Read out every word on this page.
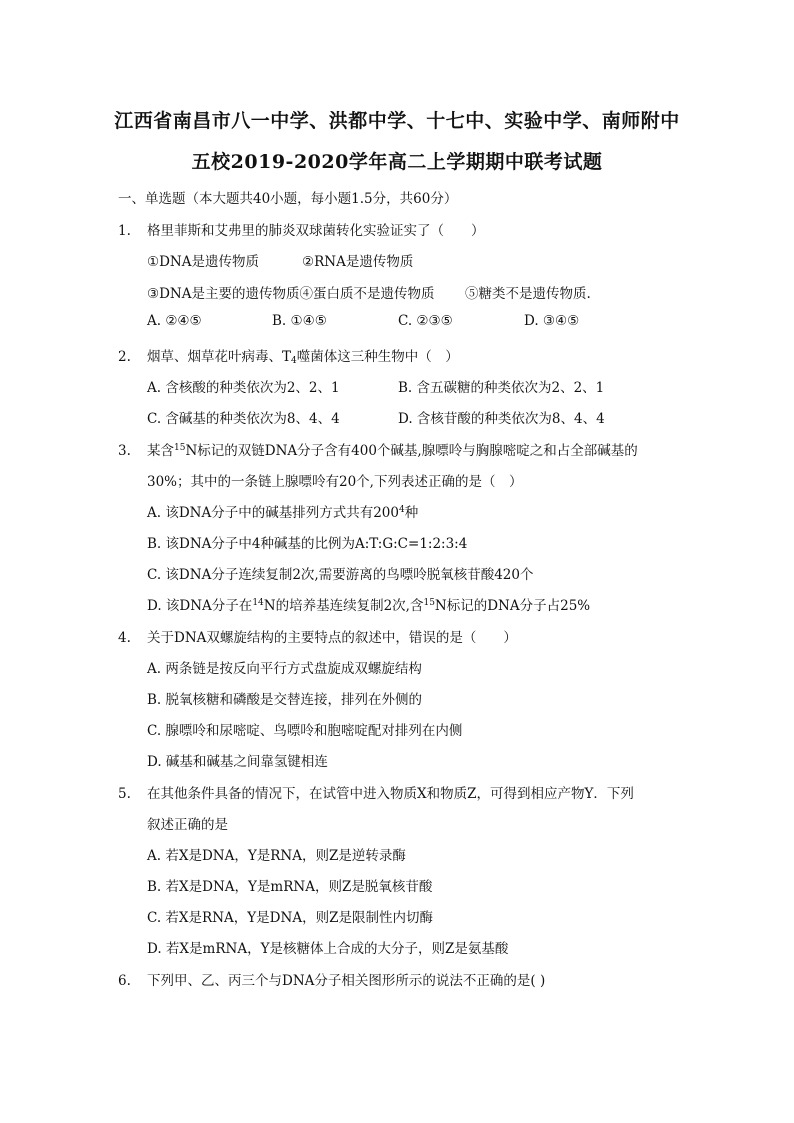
江西省南昌市八一中学、洪都中学、十七中、实验中学、南师附中
五校2019-2020学年高二上学期期中联考试题
一、单选题（本大题共40小题，每小题1.5分，共60分）
1. 格里菲斯和艾弗里的肺炎双球菌转化实验证实了（　　）
①DNA是遗传物质	②RNA是遗传物质
③DNA是主要的遗传物质④蛋白质不是遗传物质 ⑤糖类不是遗传物质.
A. ②④⑤	B. ①④⑤	C. ②③⑤	D. ③④⑤
2. 烟草、烟草花叶病毒、$T_4$噬菌体这三种生物中（　）
A. 含核酸的种类依次为2、2、1	B. 含五碳糖的种类依次为2、2、1
C. 含碱基的种类依次为8、4、4	D. 含核苷酸的种类依次为8、4、4
3. 某含$^{15}$N标记的双链DNA分子含有400个碱基,腺嘌呤与胸腺嘧啶之和占全部碱基的
30%；其中的一条链上腺嘌呤有20个,下列表述正确的是（　）
A. 该DNA分子中的碱基排列方式共有$200^4$种
B. 该DNA分子中4种碱基的比例为A:T:G:C=1:2:3:4
C. 该DNA分子连续复制2次,需要游离的鸟嘌呤脱氧核苷酸420个
D. 该DNA分子在$^{14}$N的培养基连续复制2次,含$^{15}$N标记的DNA分子占25%
4. 关于DNA双螺旋结构的主要特点的叙述中，错误的是（　　）
A. 两条链是按反向平行方式盘旋成双螺旋结构
B. 脱氧核糖和磷酸是交替连接，排列在外侧的
C. 腺嘌呤和尿嘧啶、鸟嘌呤和胞嘧啶配对排列在内侧
D. 碱基和碱基之间靠氢键相连
5. 在其他条件具备的情况下，在试管中进入物质X和物质Z，可得到相应产物Y．下列
叙述正确的是
A. 若X是DNA，Y是RNA，则Z是逆转录酶
B. 若X是DNA，Y是mRNA，则Z是脱氧核苷酸
C. 若X是RNA，Y是DNA，则Z是限制性内切酶
D. 若X是mRNA，Y是核糖体上合成的大分子，则Z是氨基酸
6. 下列甲、乙、丙三个与DNA分子相关图形所示的说法不正确的是( )
